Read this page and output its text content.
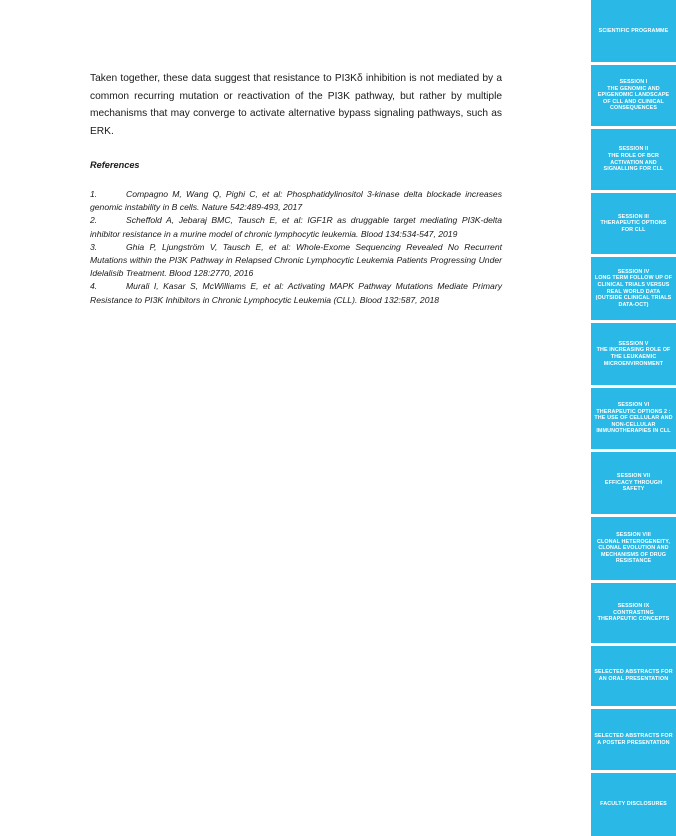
Taken together, these data suggest that resistance to PI3Kδ inhibition is not mediated by a common recurring mutation or reactivation of the PI3K pathway, but rather by multiple mechanisms that may converge to activate alternative bypass signaling pathways, such as ERK.

References

1.	Compagno M, Wang Q, Pighi C, et al: Phosphatidylinositol 3-kinase delta blockade increases genomic instability in B cells. Nature 542:489-493, 2017

2.	Scheffold A, Jebaraj BMC, Tausch E, et al: IGF1R as druggable target mediating PI3K-delta inhibitor resistance in a murine model of chronic lymphocytic leukemia. Blood 134:534-547, 2019

3.	Ghia P, Ljungström V, Tausch E, et al: Whole-Exome Sequencing Revealed No Recurrent Mutations within the PI3K Pathway in Relapsed Chronic Lymphocytic Leukemia Patients Progressing Under Idelalisib Treatment. Blood 128:2770, 2016

4.	Murali I, Kasar S, McWilliams E, et al: Activating MAPK Pathway Mutations Mediate Primary Resistance to PI3K Inhibitors in Chronic Lymphocytic Leukemia (CLL). Blood 132:587, 2018

SCIENTIFIC PROGRAMME
SESSION I
THE GENOMIC AND EPIGENOMIC LANDSCAPE OF CLL AND CLINICAL CONSEQUENCES
SESSION II
THE ROLE OF BCR ACTIVATION AND SIGNALLING FOR CLL
SESSION III
THERAPEUTIC OPTIONS FOR CLL
SESSION IV
LONG TERM FOLLOW UP OF CLINICAL TRIALS VERSUS REAL WORLD DATA (OUTSIDE CLINICAL TRIALS DATA-OCT)
SESSION V
THE INCREASING ROLE OF THE LEUKAEMIC MICROENVIRONMENT
SESSION VI
THERAPEUTIC OPTIONS 2 : THE USE OF CELLULAR AND NON-CELLULAR IMMUNOTHERAPIES IN CLL
SESSION VII
EFFICACY THROUGH SAFETY
SESSION VIII
CLONAL HETEROGENEITY, CLONAL EVOLUTION AND MECHANISMS OF DRUG RESISTANCE
SESSION IX
CONTRASTING THERAPEUTIC CONCEPTS
SELECTED ABSTRACTS FOR AN ORAL PRESENTATION
SELECTED ABSTRACTS FOR A POSTER PRESENTATION
FACULTY DISCLOSURES
